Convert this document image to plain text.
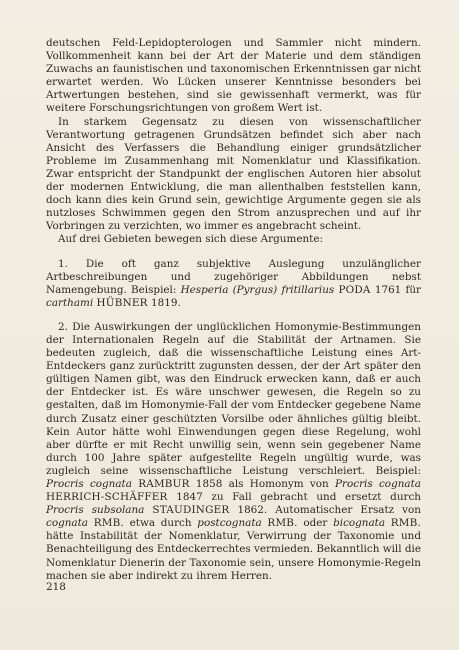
deutschen Feld-Lepidopterologen und Sammler nicht mindern. Vollkommenheit kann bei der Art der Materie und dem ständigen Zuwachs an faunistischen und taxonomischen Erkenntnissen gar nicht erwartet werden. Wo Lücken unserer Kenntnisse besonders bei Artwertungen bestehen, sind sie gewissenhaft vermerkt, was für weitere Forschungsrichtungen von großem Wert ist.

In starkem Gegensatz zu diesen von wissenschaftlicher Verantwortung getragenen Grundsätzen befindet sich aber nach Ansicht des Verfassers die Behandlung einiger grundsätzlicher Probleme im Zusammenhang mit Nomenklatur und Klassifikation. Zwar entspricht der Standpunkt der englischen Autoren hier absolut der modernen Entwicklung, die man allenthalben feststellen kann, doch kann dies kein Grund sein, gewichtige Argumente gegen sie als nutzloses Schwimmen gegen den Strom anzusprechen und auf ihr Vorbringen zu verzichten, wo immer es angebracht scheint.

Auf drei Gebieten bewegen sich diese Argumente:

1. Die oft ganz subjektive Auslegung unzulänglicher Artbeschreibungen und zugehöriger Abbildungen nebst Namengebung. Beispiel: Hesperia (Pyrgus) fritillarius PODA 1761 für carthami HÜBNER 1819.

2. Die Auswirkungen der unglücklichen Homonymie-Bestimmungen der Internationalen Regeln auf die Stabilität der Artnamen. Sie bedeuten zugleich, daß die wissenschaftliche Leistung eines Art-Entdeckers ganz zurücktritt zugunsten dessen, der der Art später den gültigen Namen gibt, was den Eindruck erwecken kann, daß er auch der Entdecker ist. Es wäre unschwer gewesen, die Regeln so zu gestalten, daß im Homonymie-Fall der vom Entdecker gegebene Name durch Zusatz einer geschützten Vorsilbe oder ähnliches gültig bleibt. Kein Autor hätte wohl Einwendungen gegen diese Regelung, wohl aber dürfte er mit Recht unwillig sein, wenn sein gegebener Name durch 100 Jahre später aufgestellte Regeln ungültig wurde, was zugleich seine wissenschaftliche Leistung verschleiert. Beispiel: Procris cognata RAMBUR 1858 als Homonym von Procris cognata HERRICH-SCHÄFFER 1847 zu Fall gebracht und ersetzt durch Procris subsolana STAUDINGER 1862. Automatischer Ersatz von cognata RMB. etwa durch postcognata RMB. oder bicognata RMB. hätte Instabilität der Nomenklatur, Verwirrung der Taxonomie und Benachteiligung des Entdeckerrechtes vermieden. Bekanntlich will die Nomenklatur Dienerin der Taxonomie sein, unsere Homonymie-Regeln machen sie aber indirekt zu ihrem Herren.

218
